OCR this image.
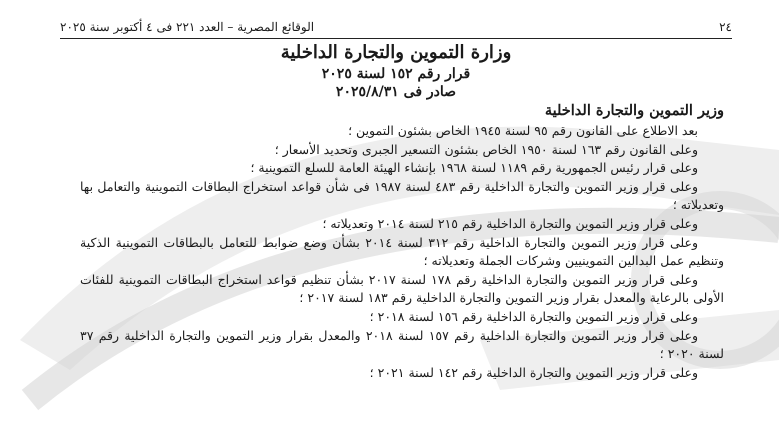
٢٤
الوقائع المصرية – العدد ٢٢١ فى ٤ أكتوبر سنة ٢٠٢٥
وزارة التموين والتجارة الداخلية
قرار رقم ١٥٢ لسنة ٢٠٢٥
صادر فى ٢٠٢٥/٨/٣١
وزير التموين والتجارة الداخلية

بعد الاطلاع على القانون رقم ٩٥ لسنة ١٩٤٥ الخاص بشئون التموين ؛

وعلى القانون رقم ١٦٣ لسنة ١٩٥٠ الخاص بشئون التسعير الجبرى وتحديد الأسعار ؛

وعلى قرار رئيس الجمهورية رقم ١١٨٩ لسنة ١٩٦٨ بإنشاء الهيئة العامة للسلع التموينية ؛

وعلى قرار وزير التموين والتجارة الداخلية رقم ٤٨٣ لسنة ١٩٨٧ فى شأن قواعد استخراج البطاقات التموينية والتعامل بها وتعديلاته ؛

وعلى قرار وزير التموين والتجارة الداخلية رقم ٢١٥ لسنة ٢٠١٤ وتعديلاته ؛

وعلى قرار وزير التموين والتجارة الداخلية رقم ٣١٢ لسنة ٢٠١٤ بشأن وضع ضوابط للتعامل بالبطاقات التموينية الذكية وتنظيم عمل البدالين التموينيين وشركات الجملة وتعديلاته ؛

وعلى قرار وزير التموين والتجارة الداخلية رقم ١٧٨ لسنة ٢٠١٧ بشأن تنظيم قواعد استخراج البطاقات التموينية للفئات الأولى بالرعاية والمعدل بقرار وزير التموين والتجارة الداخلية رقم ١٨٣ لسنة ٢٠١٧ ؛

وعلى قرار وزير التموين والتجارة الداخلية رقم ١٥٦ لسنة ٢٠١٨ ؛

وعلى قرار وزير التموين والتجارة الداخلية رقم ١٥٧ لسنة ٢٠١٨ والمعدل بقرار وزير التموين والتجارة الداخلية رقم ٣٧ لسنة ٢٠٢٠ ؛

وعلى قرار وزير التموين والتجارة الداخلية رقم ١٤٢ لسنة ٢٠٢١ ؛
